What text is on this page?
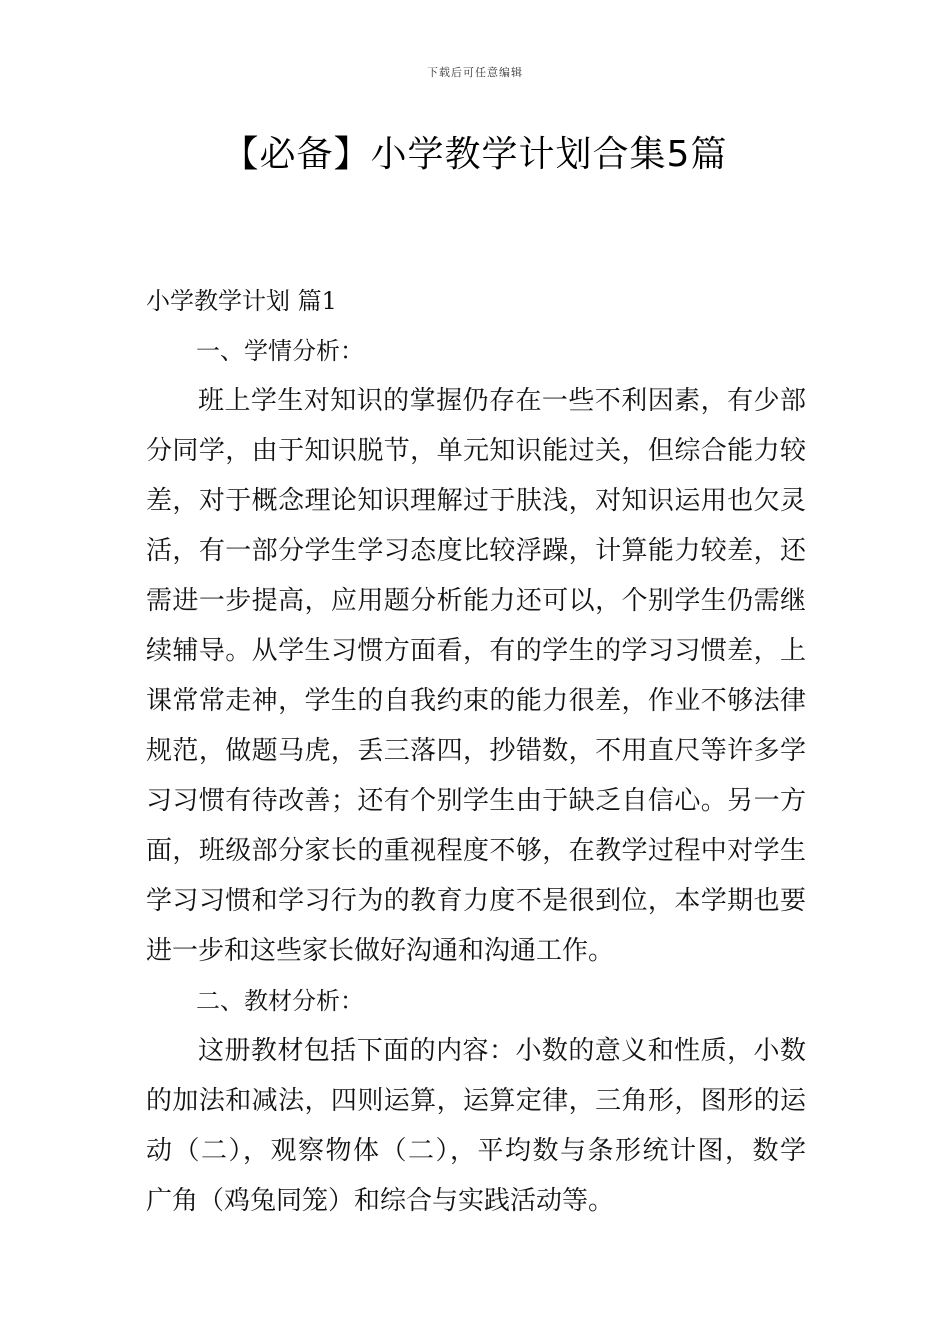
下载后可任意编辑
【必备】小学教学计划合集5篇
小学教学计划 篇1
一、学情分析：
班上学生对知识的掌握仍存在一些不利因素，有少部
分同学，由于知识脱节，单元知识能过关，但综合能力较
差，对于概念理论知识理解过于肤浅，对知识运用也欠灵
活，有一部分学生学习态度比较浮躁，计算能力较差，还
需进一步提高，应用题分析能力还可以，个别学生仍需继
续辅导。从学生习惯方面看，有的学生的学习习惯差，上
课常常走神，学生的自我约束的能力很差，作业不够法律
规范，做题马虎，丢三落四，抄错数，不用直尺等许多学
习习惯有待改善；还有个别学生由于缺乏自信心。另一方
面，班级部分家长的重视程度不够，在教学过程中对学生
学习习惯和学习行为的教育力度不是很到位，本学期也要
进一步和这些家长做好沟通和沟通工作。
二、教材分析：
这册教材包括下面的内容：小数的意义和性质，小数
的加法和减法，四则运算，运算定律，三角形，图形的运
动（二），观察物体（二），平均数与条形统计图，数学
广角（鸡兔同笼）和综合与实践活动等。
